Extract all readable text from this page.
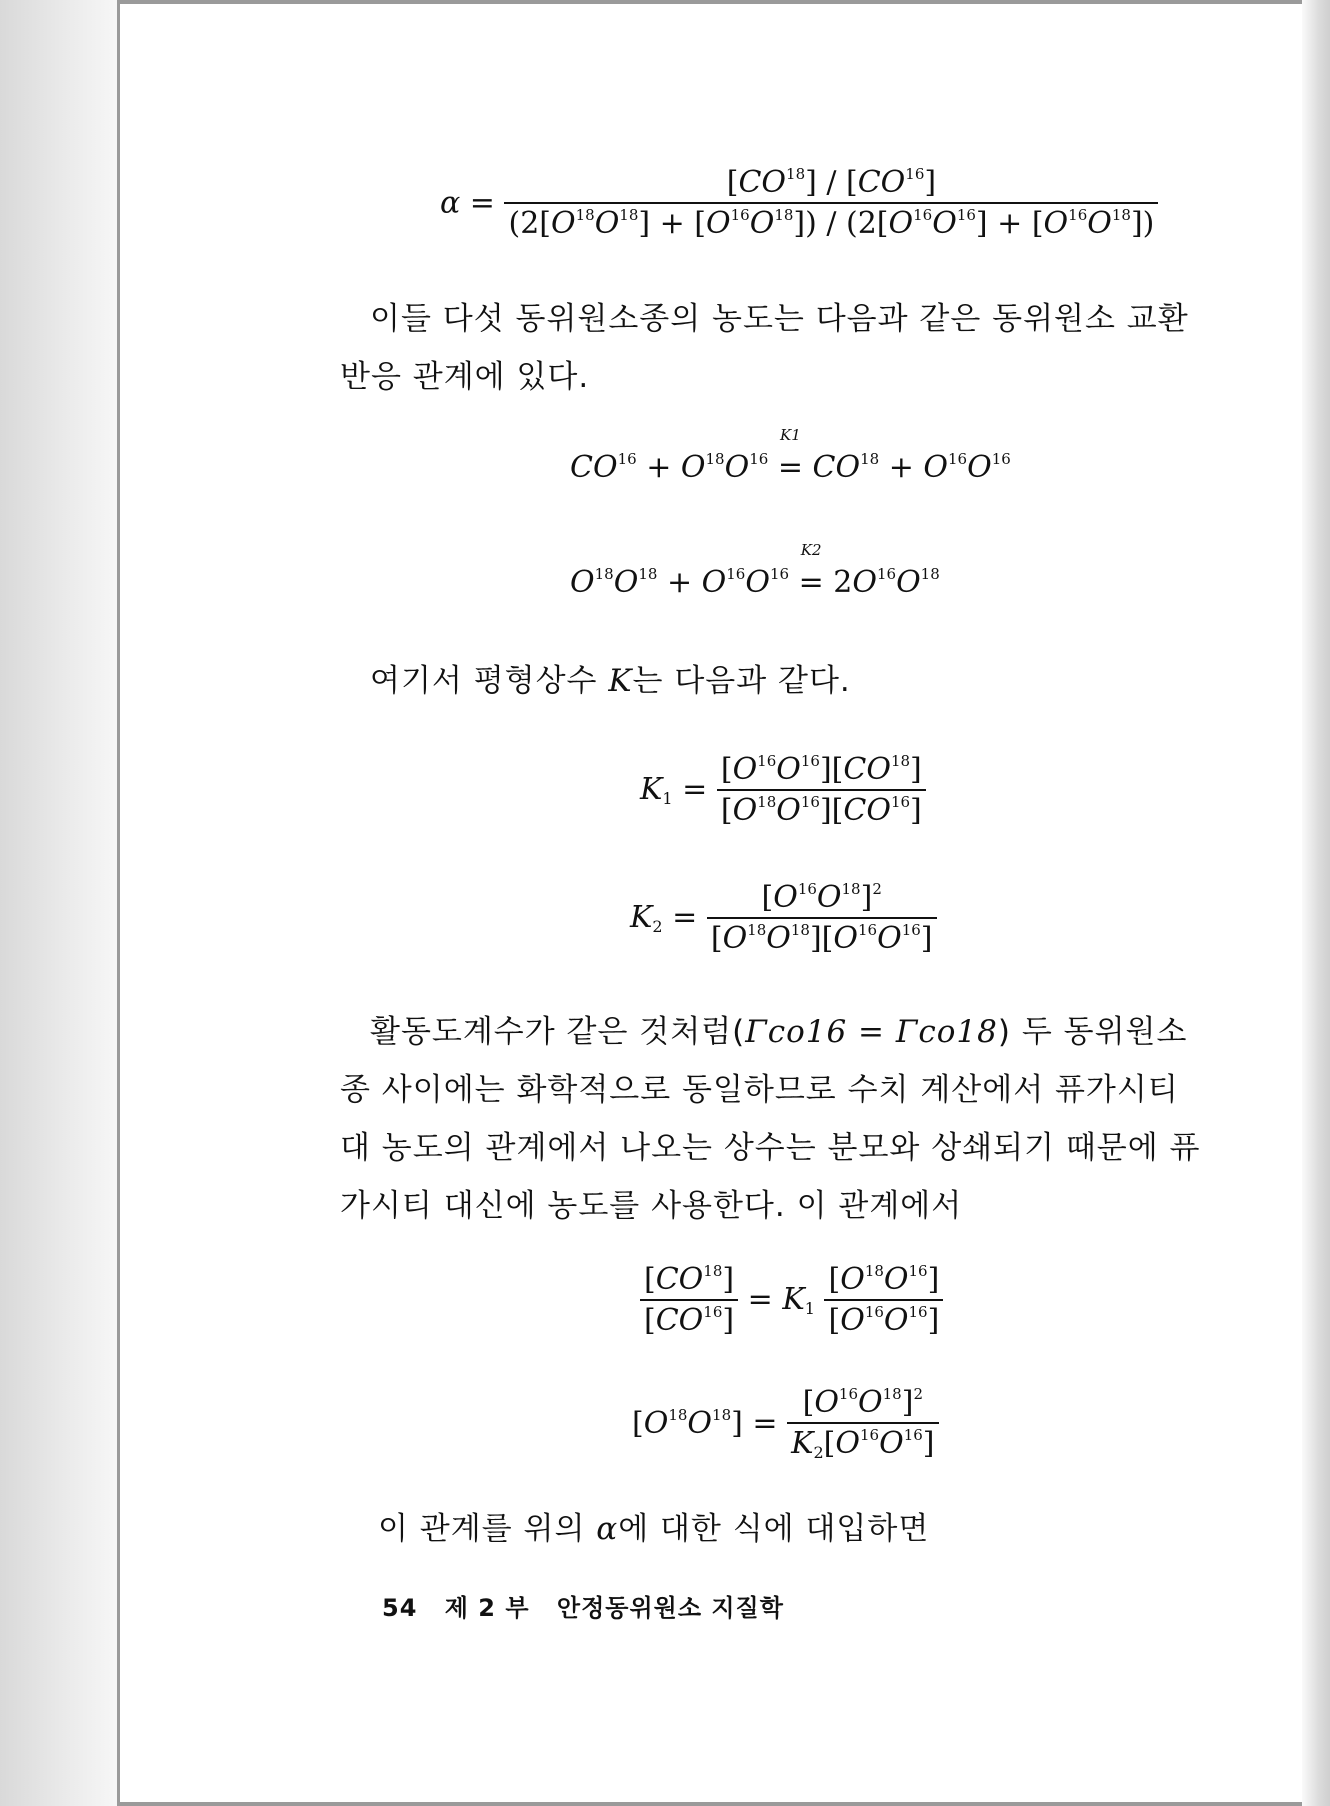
$\alpha = \frac{[CO^{18}] / [CO^{16}]}{(2[O^{18}O^{18}] + [O^{16}O^{18}]) / (2[O^{16}O^{16}] + [O^{16}O^{18}])}$
이들 다섯 동위원소종의 농도는 다음과 같은 동위원소 교환반응 관계에 있다.
$CO^{16} + O^{18}O^{16}$
K1
= $CO^{18} + O^{16}O^{16}$
$O^{18}O^{18} + O^{16}O^{16}$
K2
= $2O^{16}O^{18}$
여기서 평형상수 K는 다음과 같다.
$K_1 = \frac{[O^{16}O^{16}][CO^{18}]}{[O^{18}O^{16}][CO^{16}]}$
$K_2 = \frac{[O^{16}O^{18}]^2}{[O^{18}O^{18}][O^{16}O^{16}]}$
활동도계수가 같은 것처럼(Γco16 = Γco18) 두 동위원소종 사이에는 화학적으로 동일하므로 수치 계산에서 퓨가시티 대 농도의 관계에서 나오는 상수는 분모와 상쇄되기 때문에 퓨가시티 대신에 농도를 사용한다. 이 관계에서
$\frac{[CO^{18}]}{[CO^{16}]} = K_1 \frac{[O^{18}O^{16}]}{[O^{16}O^{16}]}$
$[O^{18}O^{18}] = \frac{[O^{16}O^{18}]^2}{K_2[O^{16}O^{16}]}$
이 관계를 위의 α에 대한 식에 대입하면
54 제 2 부 안정동위원소 지질학
